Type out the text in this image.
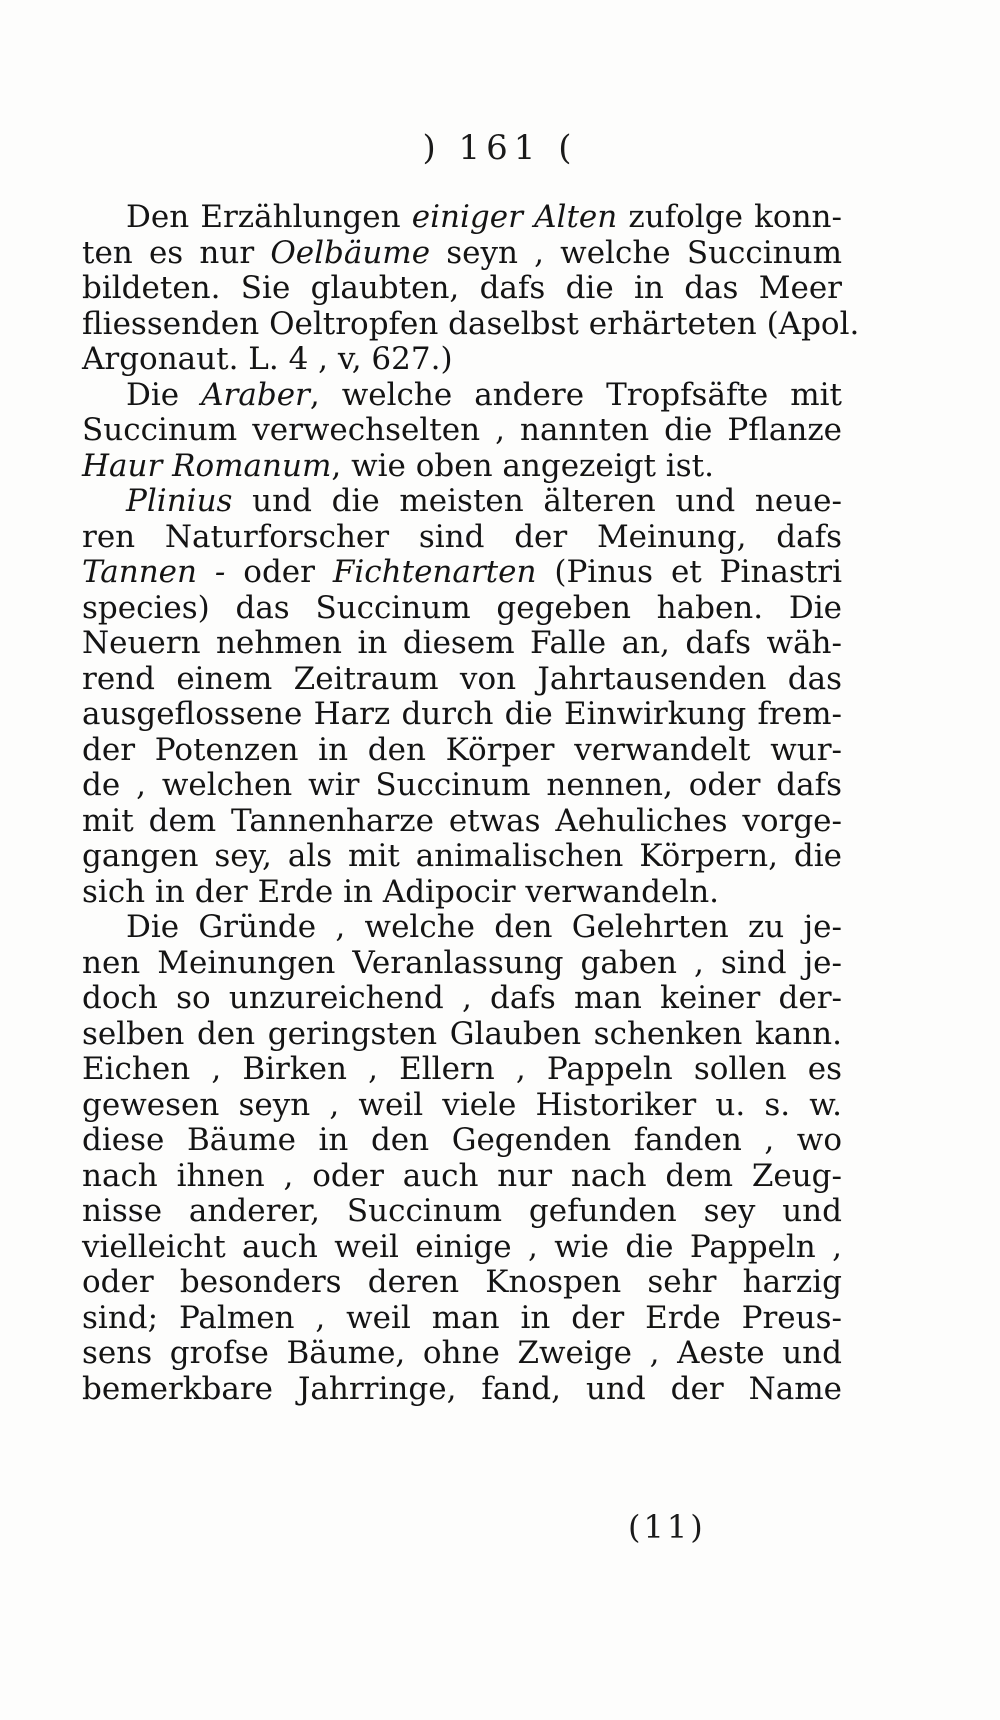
) 161 (
Den Erzählungen einiger Alten zufolge konn-
ten es nur Oelbäume seyn , welche Succinum
bildeten. Sie glaubten, dafs die in das Meer
fliessenden Oeltropfen daselbst erhärteten (Apol.
Argonaut. L. 4 , v, 627.)
Die Araber, welche andere Tropfsäfte mit
Succinum verwechselten , nannten die Pflanze
Haur Romanum, wie oben angezeigt ist.
Plinius und die meisten älteren und neue-
ren Naturforscher sind der Meinung, dafs
Tannen - oder Fichtenarten (Pinus et Pinastri
species) das Succinum gegeben haben. Die
Neuern nehmen in diesem Falle an, dafs wäh-
rend einem Zeitraum von Jahrtausenden das
ausgeflossene Harz durch die Einwirkung frem-
der Potenzen in den Körper verwandelt wur-
de , welchen wir Succinum nennen, oder dafs
mit dem Tannenharze etwas Aehuliches vorge-
gangen sey, als mit animalischen Körpern, die
sich in der Erde in Adipocir verwandeln.
Die Gründe , welche den Gelehrten zu je-
nen Meinungen Veranlassung gaben , sind je-
doch so unzureichend , dafs man keiner der-
selben den geringsten Glauben schenken kann.
Eichen , Birken , Ellern , Pappeln sollen es
gewesen seyn , weil viele Historiker u. s. w.
diese Bäume in den Gegenden fanden , wo
nach ihnen , oder auch nur nach dem Zeug-
nisse anderer, Succinum gefunden sey und
vielleicht auch weil einige , wie die Pappeln ,
oder besonders deren Knospen sehr harzig
sind; Palmen , weil man in der Erde Preus-
sens grofse Bäume, ohne Zweige , Aeste und
bemerkbare Jahrringe, fand, und der Name
(11)
